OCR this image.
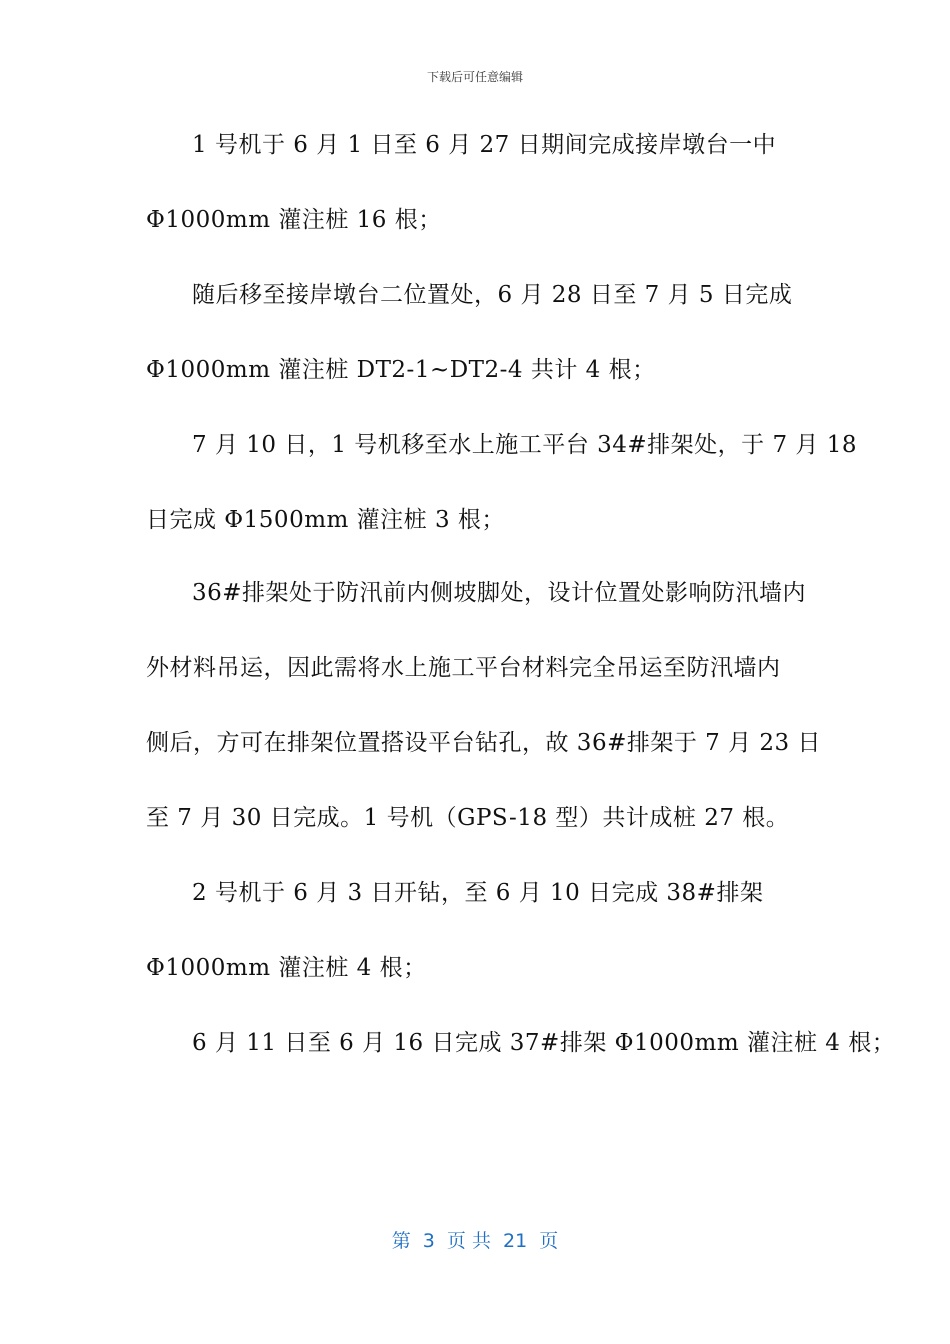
下载后可任意编辑
1 号机于 6 月 1 日至 6 月 27 日期间完成接岸墩台一中
Φ1000mm 灌注桩 16 根；
随后移至接岸墩台二位置处，6 月 28 日至 7 月 5 日完成
Φ1000mm 灌注桩 DT2-1~DT2-4 共计 4 根；
7 月 10 日，1 号机移至水上施工平台 34#排架处，于 7 月 18
日完成 Φ1500mm 灌注桩 3 根；
36#排架处于防汛前内侧坡脚处，设计位置处影响防汛墙内
外材料吊运，因此需将水上施工平台材料完全吊运至防汛墙内
侧后，方可在排架位置搭设平台钻孔，故 36#排架于 7 月 23 日
至 7 月 30 日完成。1 号机（GPS-18 型）共计成桩 27 根。
2 号机于 6 月 3 日开钻，至 6 月 10 日完成 38#排架
Φ1000mm 灌注桩 4 根；
6 月 11 日至 6 月 16 日完成 37#排架 Φ1000mm 灌注桩 4 根；
第  3  页 共  21  页
